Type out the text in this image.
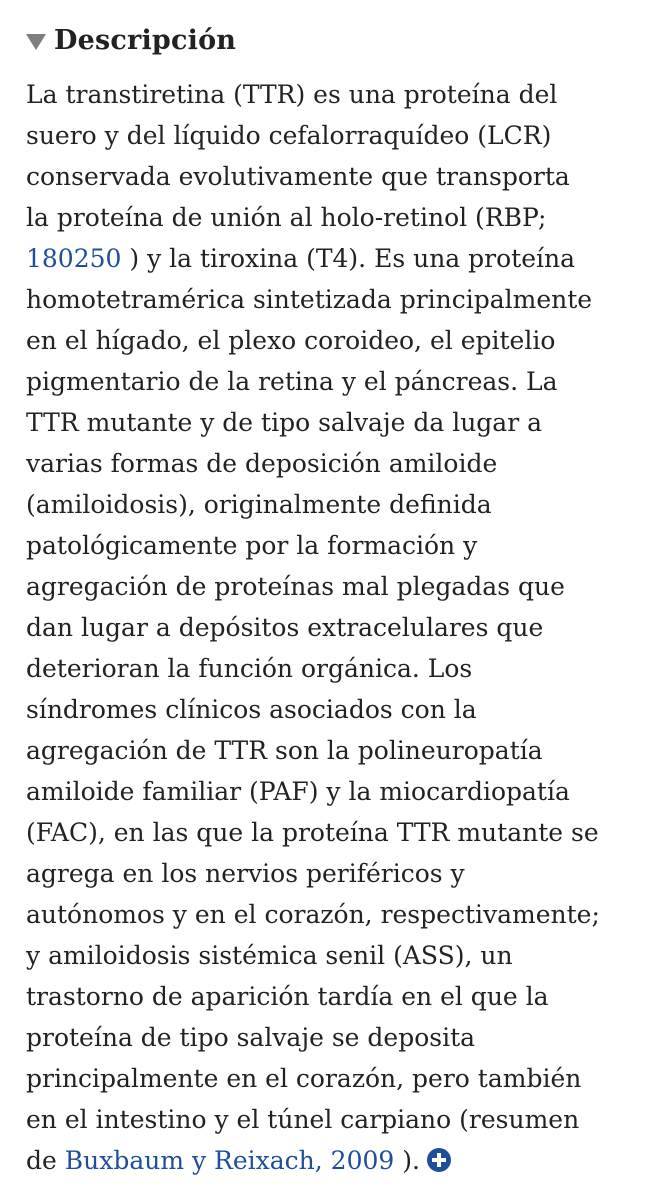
Descripción
La transtiretina (TTR) es una proteína del
suero y del líquido cefalorraquídeo (LCR)
conservada evolutivamente que transporta
la proteína de unión al holo-retinol (RBP;
180250 ) y la tiroxina (T4). Es una proteína
homotetramérica sintetizada principalmente
en el hígado, el plexo coroideo, el epitelio
pigmentario de la retina y el páncreas. La
TTR mutante y de tipo salvaje da lugar a
varias formas de deposición amiloide
(amiloidosis), originalmente definida
patológicamente por la formación y
agregación de proteínas mal plegadas que
dan lugar a depósitos extracelulares que
deterioran la función orgánica. Los
síndromes clínicos asociados con la
agregación de TTR son la polineuropatía
amiloide familiar (PAF) y la miocardiopatía
(FAC), en las que la proteína TTR mutante se
agrega en los nervios periféricos y
autónomos y en el corazón, respectivamente;
y amiloidosis sistémica senil (ASS), un
trastorno de aparición tardía en el que la
proteína de tipo salvaje se deposita
principalmente en el corazón, pero también
en el intestino y el túnel carpiano (resumen
de Buxbaum y Reixach, 2009 ).
